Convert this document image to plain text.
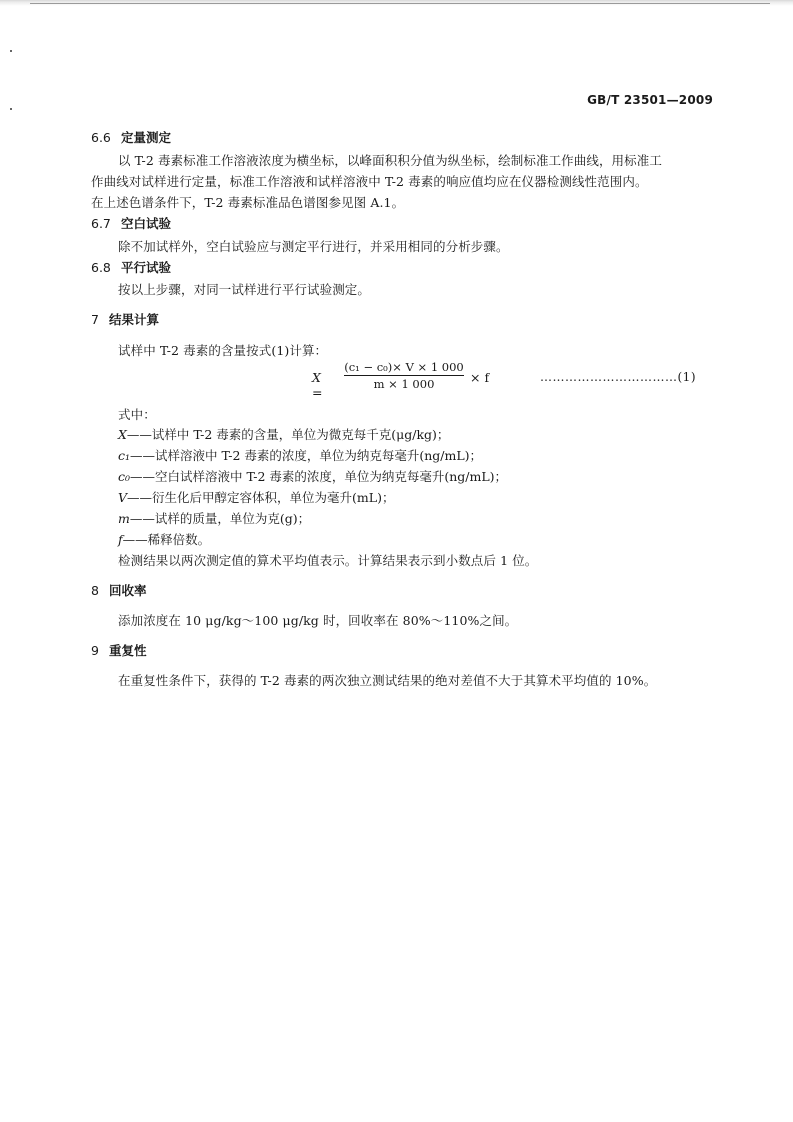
GB/T 23501—2009
6.6 定量测定
以 T-2 毒素标准工作溶液浓度为横坐标，以峰面积积分值为纵坐标，绘制标准工作曲线，用标准工
作曲线对试样进行定量，标准工作溶液和试样溶液中 T-2 毒素的响应值均应在仪器检测线性范围内。
在上述色谱条件下，T-2 毒素标准品色谱图参见图 A.1。
6.7 空白试验
除不加试样外，空白试验应与测定平行进行，并采用相同的分析步骤。
6.8 平行试验
按以上步骤，对同一试样进行平行试验测定。
7 结果计算
试样中 T-2 毒素的含量按式(1)计算：
X =
$\frac{\text{(c₁ − c₀)× V × 1 000}}{m \times 1 000} \times f$	……………………………(1)
式中：
X——试样中 T-2 毒素的含量，单位为微克每千克(μg/kg)；
c₁——试样溶液中 T-2 毒素的浓度，单位为纳克每毫升(ng/mL)；
c₀——空白试样溶液中 T-2 毒素的浓度，单位为纳克每毫升(ng/mL)；
V——衍生化后甲醇定容体积，单位为毫升(mL)；
m——试样的质量，单位为克(g)；
f——稀释倍数。
检测结果以两次测定值的算术平均值表示。计算结果表示到小数点后 1 位。
8 回收率
添加浓度在 10 μg/kg～100 μg/kg 时，回收率在 80%～110%之间。
9 重复性
在重复性条件下，获得的 T-2 毒素的两次独立测试结果的绝对差值不大于其算术平均值的 10%。
